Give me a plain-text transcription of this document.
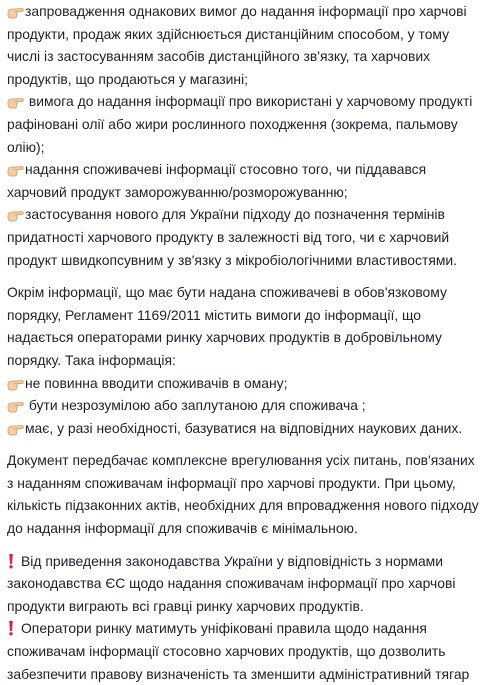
запровадження однакових вимог до надання інформації про харчові
продукти, продаж яких здійснюється дистанційним способом, у тому
числі із застосуванням засобів дистанційного зв'язку, та харчових
продуктів, що продаються у магазині;
вимога до надання інформації про використані у харчовому продукті
рафіновані олії або жири рослинного походження (зокрема, пальмову
олію);
надання споживачеві інформації стосовно того, чи піддавався
харчовий продукт заморожуванню/розморожуванню;
застосування нового для України підходу до позначення термінів
придатності харчового продукту в залежності від того, чи є харчовий
продукт швидкопсувним у зв'язку з мікробіологічними властивостями.
Окрім інформації, що має бути надана споживачеві в обов'язковому
порядку, Регламент 1169/2011 містить вимоги до інформації, що
надається операторами ринку харчових продуктів в добровільному
порядку. Така інформація:
не повинна вводити споживачів в оману;
бути незрозумілою або заплутаною для споживача ;
має, у разі необхідності, базуватися на відповідних наукових даних.
Документ передбачає комплексне врегулювання усіх питань, пов'язаних
з наданням споживачам інформації про харчові продукти. При цьому,
кількість підзаконних актів, необхідних для впровадження нового підходу
до надання інформації для споживачів є мінімальною.
Від приведення законодавства України у відповідність з нормами
законодавства ЄС щодо надання споживачам інформації про харчові
продукти виграють всі гравці ринку харчових продуктів.
Оператори ринку матимуть уніфіковані правила щодо надання
споживачам інформації стосовно харчових продуктів, що дозволить
забезпечити правову визначеність та зменшити адміністративний тягар
